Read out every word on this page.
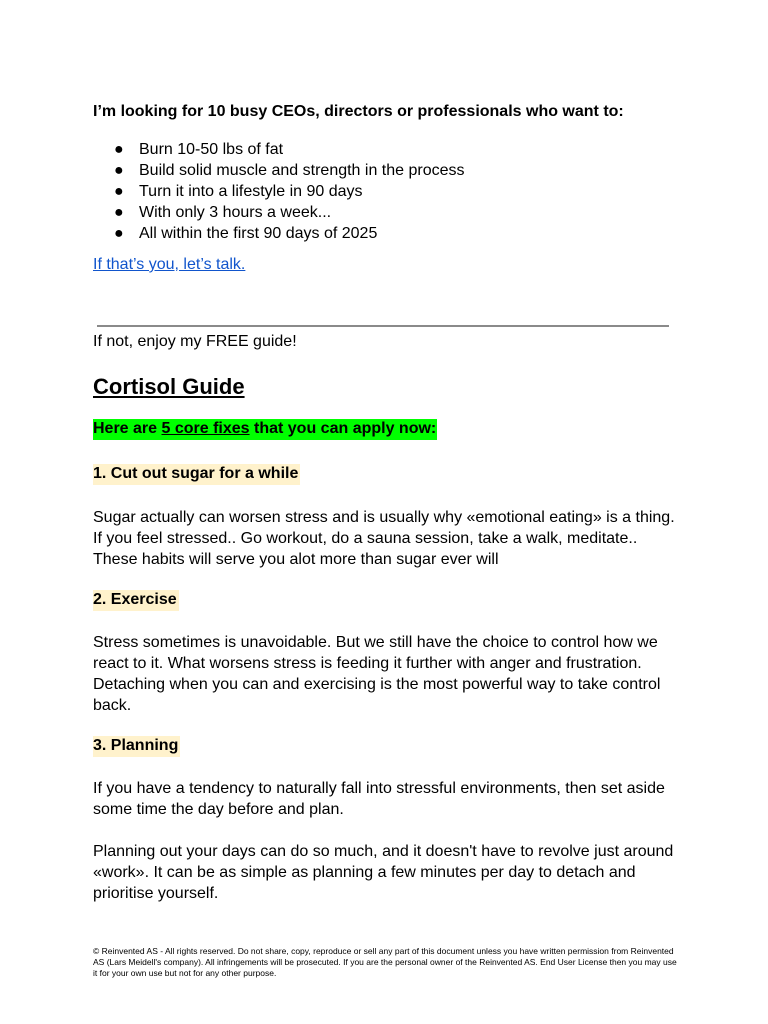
I’m looking for 10 busy CEOs, directors or professionals who want to:

● Burn 10-50 lbs of fat
● Build solid muscle and strength in the process
● Turn it into a lifestyle in 90 days
● With only 3 hours a week...
● All within the first 90 days of 2025
If that’s you, let’s talk.

If not, enjoy my FREE guide!

Cortisol Guide

Here are 5 core fixes that you can apply now:

1. Cut out sugar for a while

Sugar actually can worsen stress and is usually why «emotional eating» is a thing. If you feel stressed.. Go workout, do a sauna session, take a walk, meditate.. These habits will serve you alot more than sugar ever will

2. Exercise

Stress sometimes is unavoidable. But we still have the choice to control how we react to it. What worsens stress is feeding it further with anger and frustration. Detaching when you can and exercising is the most powerful way to take control back.

3. Planning

If you have a tendency to naturally fall into stressful environments, then set aside some time the day before and plan.

Planning out your days can do so much, and it doesn't have to revolve just around «work». It can be as simple as planning a few minutes per day to detach and prioritise yourself.

© Reinvented AS - All rights reserved. Do not share, copy, reproduce or sell any part of this document unless you have written permission from Reinvented AS (Lars Meidell's company). All infringements will be prosecuted. If you are the personal owner of the Reinvented AS. End User License then you may use it for your own use but not for any other purpose.
